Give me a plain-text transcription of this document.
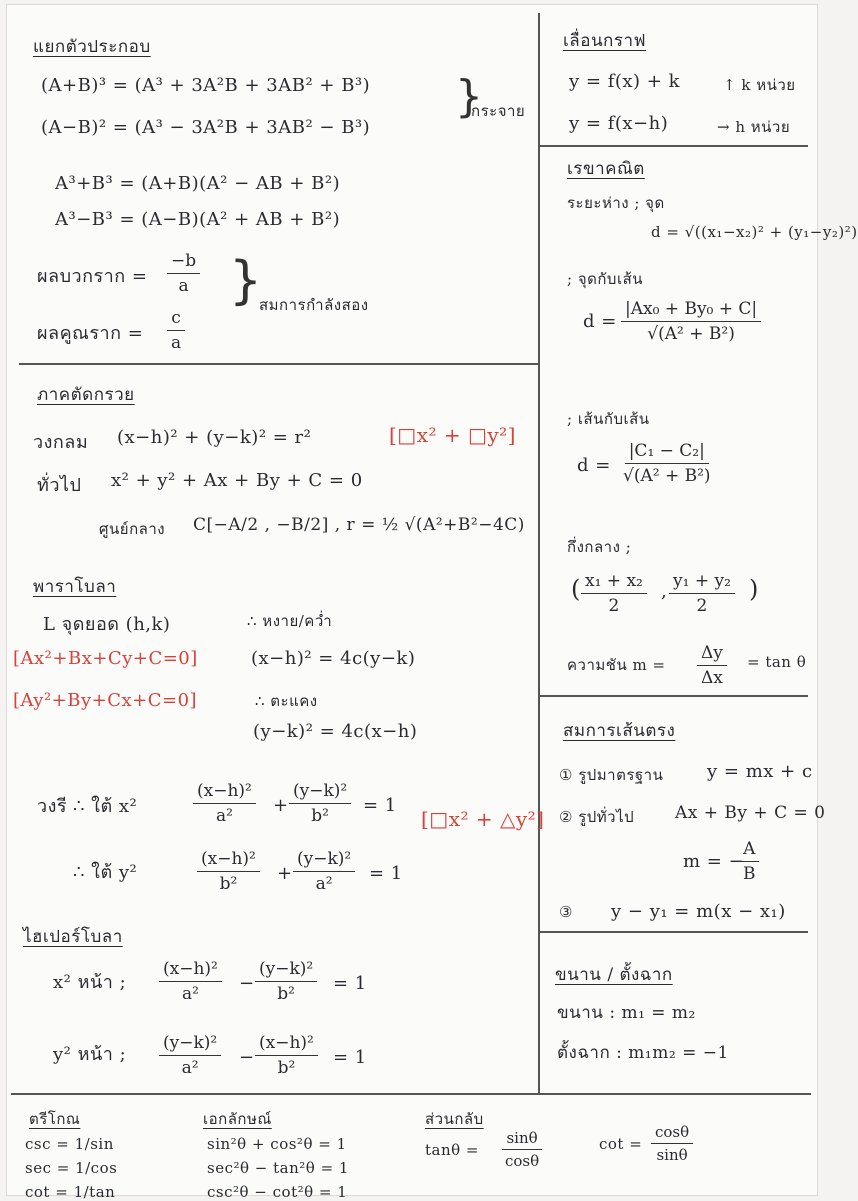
แยกตัวประกอบ
(A+B)³ = (A³ + 3A²B + 3AB² + B³)
(A−B)² = (A³ − 3A²B + 3AB² − B³)
}
กระจาย
A³+B³ = (A+B)(A² − AB + B²)
A³−B³ = (A−B)(A² + AB + B²)
ผลบวกราก = $\frac{-b}{a}$
ผลคูณราก = $\frac{c}{a}$
}
สมการกำลังสอง
ภาคตัดกรวย
วงกลม (x−h)² + (y−k)² = r²	[□x² + □y²]
ทั่วไป x² + y² + Ax + By + C = 0
ศูนย์กลาง C[−A/2 , −B/2] , r = ½ √(A²+B²−4C)
พาราโบลา
L จุดยอด (h,k)	∴ หงาย/คว่ำ
[Ax²+Bx+Cy+C=0]	(x−h)² = 4c(y−k)
[Ay²+By+Cx+C=0]	∴ ตะแคง
(y−k)² = 4c(x−h)
วงรี ∴ ใต้ x²	$\frac{\text{(x−h)²}}{\text{a²}} + \frac{\text{(y−k)²}}{\text{b²}} = 1$
[□x² + △y²]
∴ ใต้ y²	$\frac{\text{(x−h)²}}{\text{b²}} + \frac{\text{(y−k)²}}{\text{a²}} = 1$
ไฮเปอร์โบลา
x² หน้า ; $\frac{\text{(x−h)²}}{\text{a²}} - \frac{\text{(y−k)²}}{\text{b²}} = 1$
y² หน้า ; $\frac{\text{(y−k)²}}{\text{a²}} - \frac{\text{(x−h)²}}{\text{b²}} = 1$
เลื่อนกราฟ
y = f(x) + k	↑ k หน่วย
y = f(x−h)	→ h หน่วย
เรขาคณิต
ระยะห่าง ; จุด
d = √((x₁−x₂)² + (y₁−y₂)²)
; จุดกับเส้น
$d = \frac{\text{|Ax₀ + By₀ + C|}}{\text{√(A² + B²)}}$
; เส้นกับเส้น
$d = \frac{\text{|C₁ − C₂|}}{\text{√(A² + B²)}}$
กึ่งกลาง ;
( $\frac{\text{x₁ + x₂}}{2}$ , $\frac{\text{y₁ + y₂}}{2}$ )
ความชัน $m = \frac{\Delta y}{\Delta x} = \tan \theta$
สมการเส้นตรง
① รูปมาตรฐาน y = mx + c
② รูปทั่วไป Ax + By + C = 0
m = −
$\frac{A}{B}$
③ y − y₁ = m(x − x₁)
ขนาน / ตั้งฉาก
ขนาน : m₁ = m₂
ตั้งฉาก : m₁m₂ = −1
ตรีโกณ
csc = 1/sin
sec = 1/cos
cot = 1/tan
เอกลักษณ์
sin²θ + cos²θ = 1
sec²θ − tan²θ = 1
csc²θ − cot²θ = 1
ส่วนกลับ
$\tan\theta = \frac{\sin\theta}{\cos\theta}$	$\cot = \frac{\cos\theta}{\sin\theta}$
